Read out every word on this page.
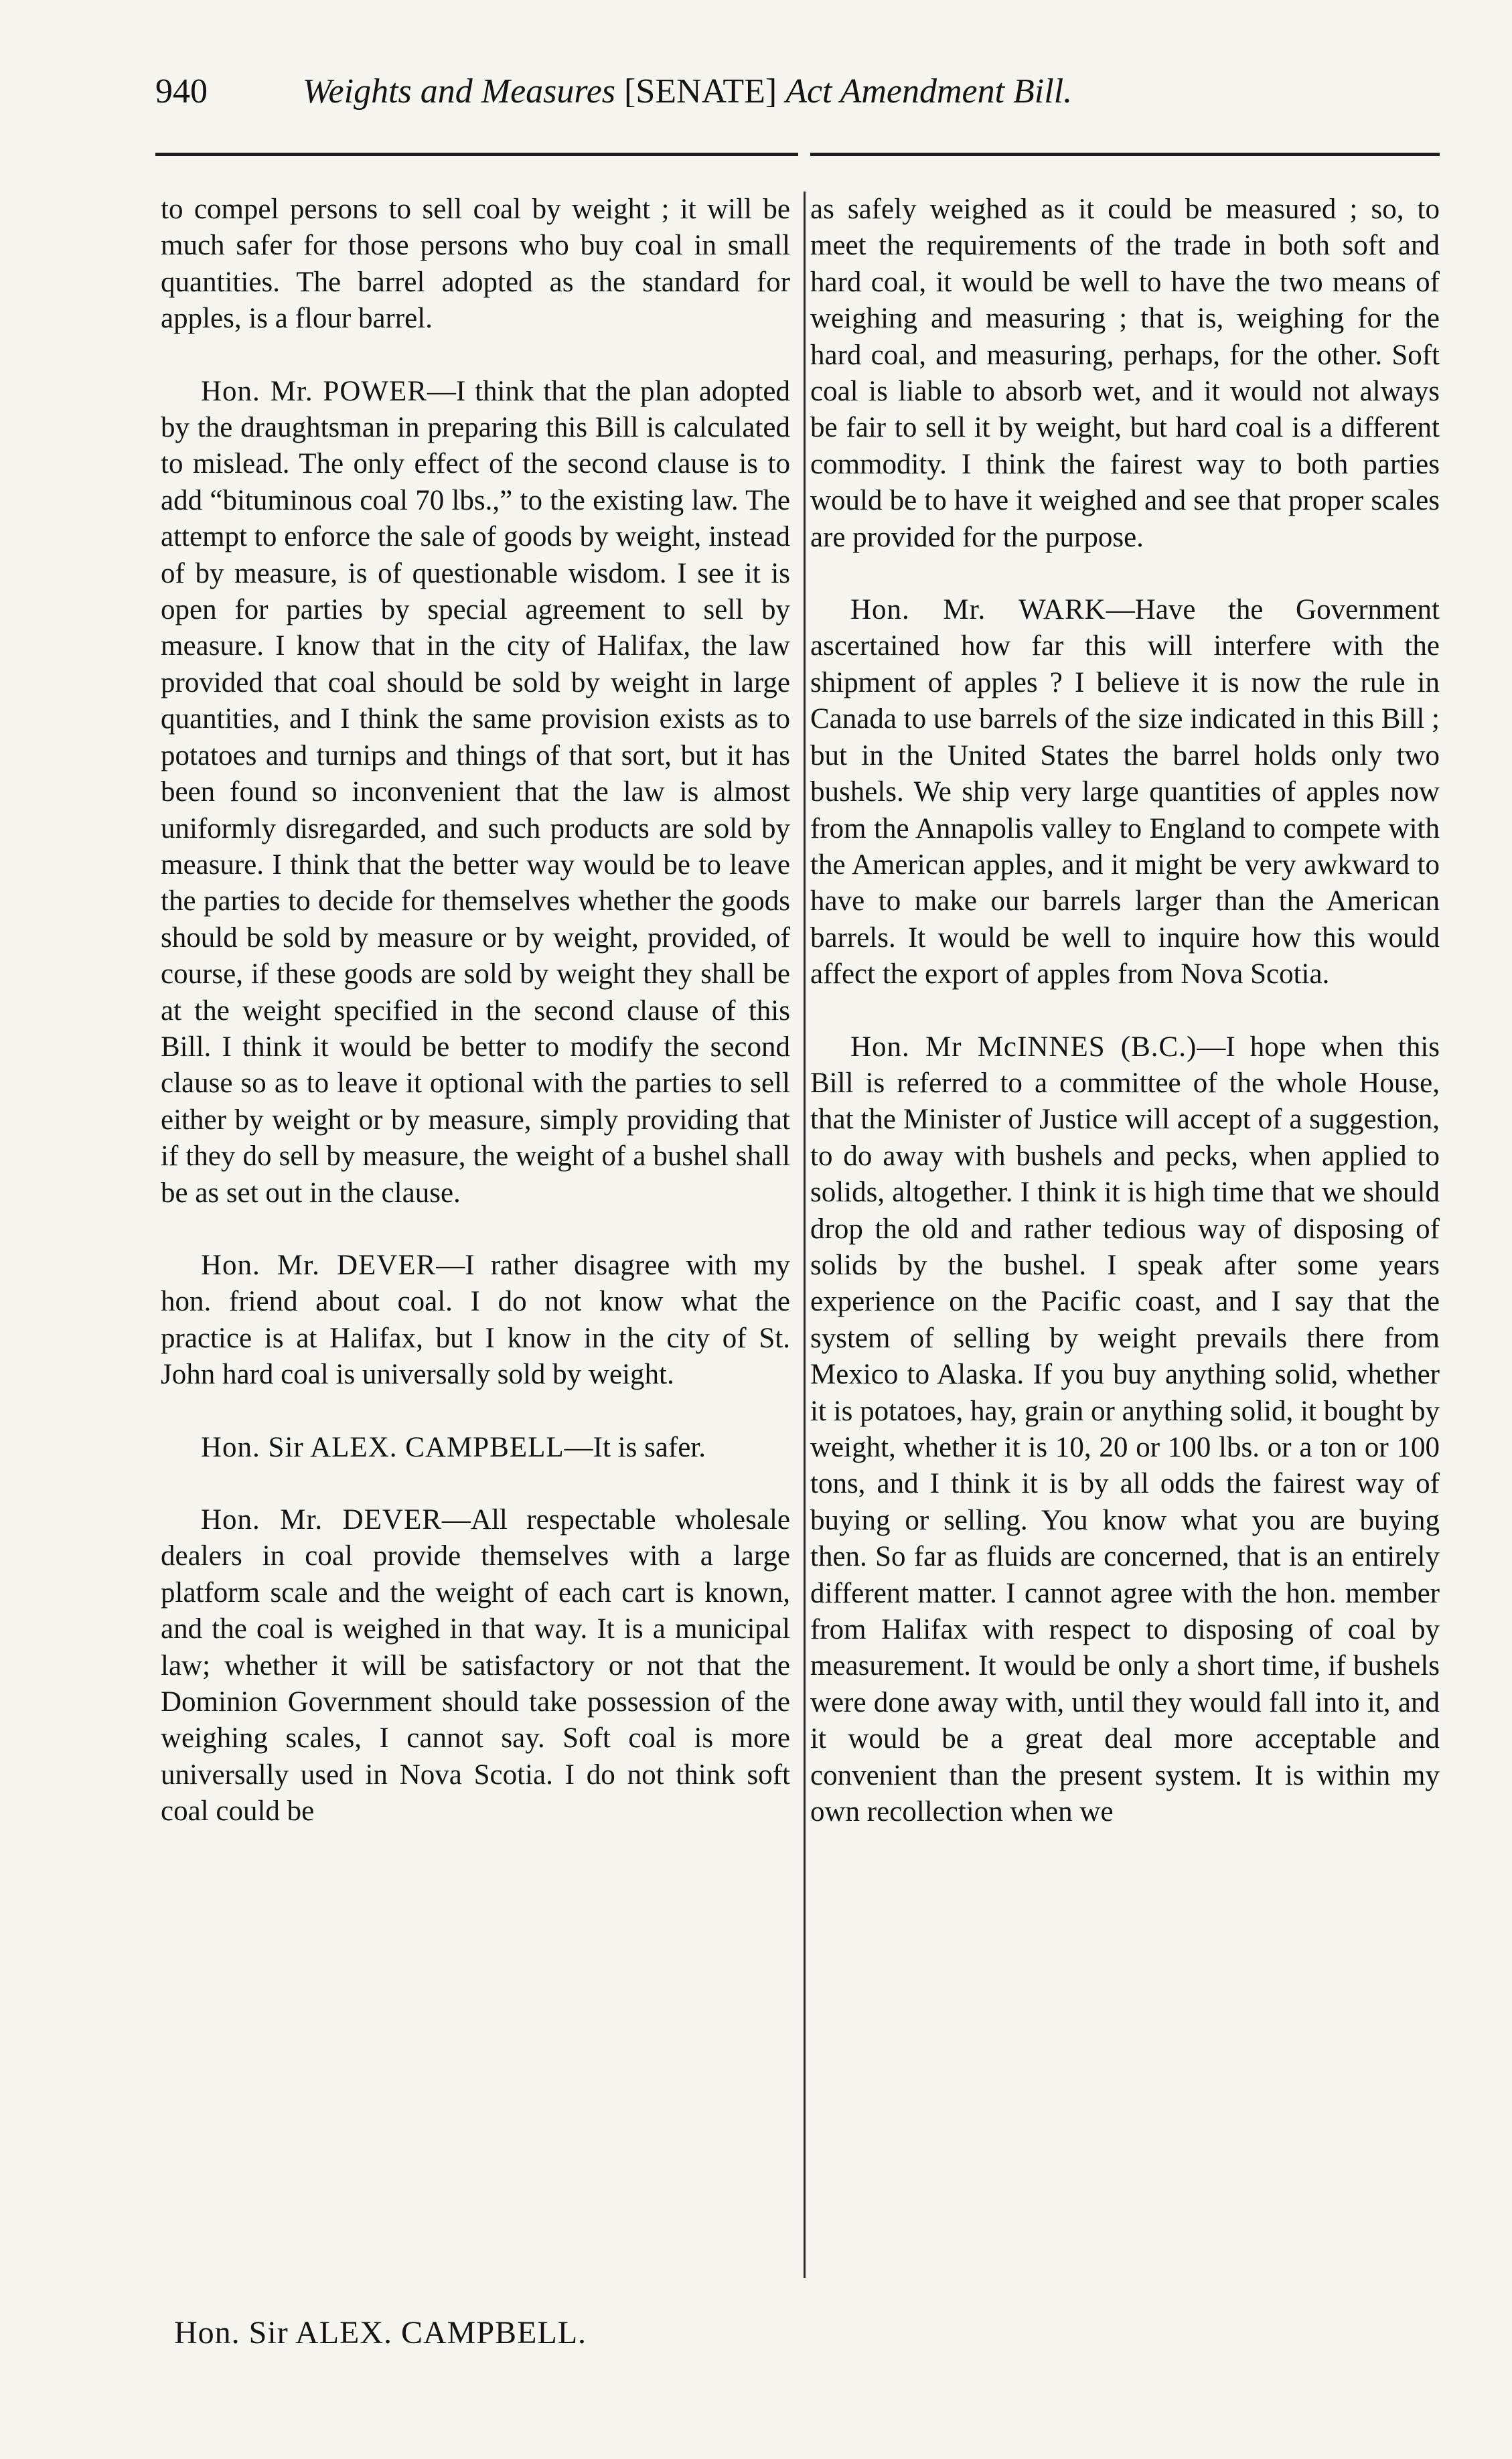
940	Weights and Measures [SENATE] Act Amendment Bill.

to compel persons to sell coal by weight ; it will be much safer for those persons who buy coal in small quantities. The barrel adopted as the standard for apples, is a flour barrel.

Hon. Mr. POWER—I think that the plan adopted by the draughtsman in preparing this Bill is calculated to mislead. The only effect of the second clause is to add “bituminous coal 70 lbs.,” to the existing law. The attempt to enforce the sale of goods by weight, instead of by measure, is of questionable wisdom. I see it is open for parties by special agreement to sell by measure. I know that in the city of Halifax, the law provided that coal should be sold by weight in large quantities, and I think the same provision exists as to potatoes and turnips and things of that sort, but it has been found so inconvenient that the law is almost uniformly disregarded, and such products are sold by measure. I think that the better way would be to leave the parties to decide for themselves whether the goods should be sold by measure or by weight, provided, of course, if these goods are sold by weight they shall be at the weight specified in the second clause of this Bill. I think it would be better to modify the second clause so as to leave it optional with the parties to sell either by weight or by measure, simply providing that if they do sell by measure, the weight of a bushel shall be as set out in the clause.

Hon. Mr. DEVER—I rather disagree with my hon. friend about coal. I do not know what the practice is at Halifax, but I know in the city of St. John hard coal is universally sold by weight.

Hon. Sir ALEX. CAMPBELL—It is safer.

Hon. Mr. DEVER—All respectable wholesale dealers in coal provide themselves with a large platform scale and the weight of each cart is known, and the coal is weighed in that way. It is a municipal law; whether it will be satisfactory or not that the Dominion Government should take possession of the weighing scales, I cannot say. Soft coal is more universally used in Nova Scotia. I do not think soft coal could be

as safely weighed as it could be measured ; so, to meet the requirements of the trade in both soft and hard coal, it would be well to have the two means of weighing and measuring ; that is, weighing for the hard coal, and measuring, perhaps, for the other. Soft coal is liable to absorb wet, and it would not always be fair to sell it by weight, but hard coal is a different commodity. I think the fairest way to both parties would be to have it weighed and see that proper scales are provided for the purpose.

Hon. Mr. WARK—Have the Government ascertained how far this will interfere with the shipment of apples ? I believe it is now the rule in Canada to use barrels of the size indicated in this Bill ; but in the United States the barrel holds only two bushels. We ship very large quantities of apples now from the Annapolis valley to England to compete with the American apples, and it might be very awkward to have to make our barrels larger than the American barrels. It would be well to inquire how this would affect the export of apples from Nova Scotia.

Hon. Mr McINNES (B.C.)—I hope when this Bill is referred to a committee of the whole House, that the Minister of Justice will accept of a suggestion, to do away with bushels and pecks, when applied to solids, altogether. I think it is high time that we should drop the old and rather tedious way of disposing of solids by the bushel. I speak after some years experience on the Pacific coast, and I say that the system of selling by weight prevails there from Mexico to Alaska. If you buy anything solid, whether it is potatoes, hay, grain or anything solid, it bought by weight, whether it is 10, 20 or 100 lbs. or a ton or 100 tons, and I think it is by all odds the fairest way of buying or selling. You know what you are buying then. So far as fluids are concerned, that is an entirely different matter. I cannot agree with the hon. member from Halifax with respect to disposing of coal by measurement. It would be only a short time, if bushels were done away with, until they would fall into it, and it would be a great deal more acceptable and convenient than the present system. It is within my own recollection when we

Hon. Sir ALEX. CAMPBELL.
